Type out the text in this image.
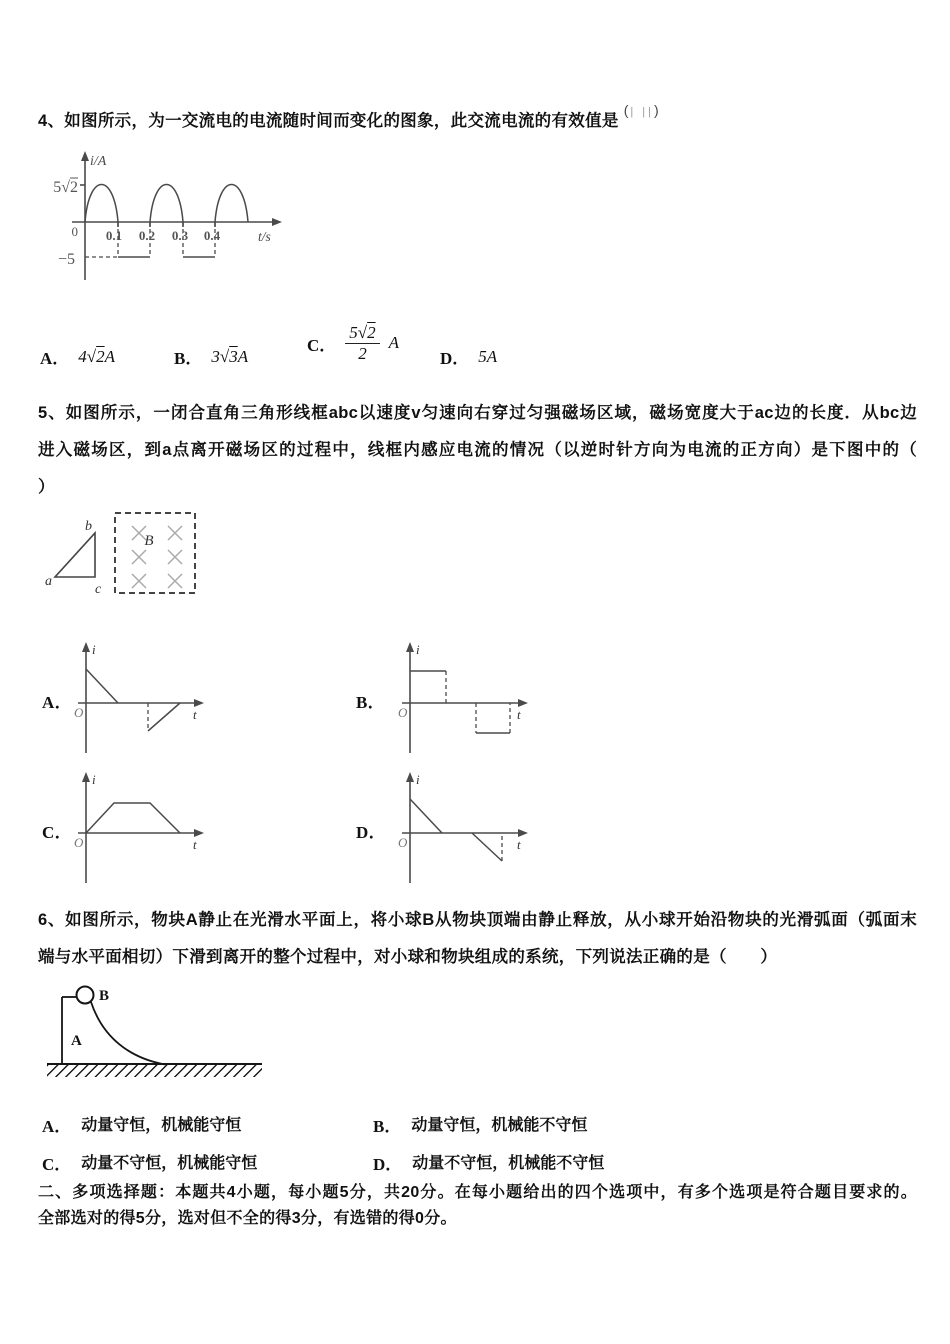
4、如图所示，为一交流电的电流随时间而变化的图象，此交流电流的有效值是(| ||)
i/A
t/s
5√2
0
−5
0.1 0.2 0.3 0.4
A． 4√2A	B． 3√3A
C． $\frac{5√2}{2}$ A
D． 5A
5、如图所示，一闭合直角三角形线框abc以速度v匀速向右穿过匀强磁场区域，磁场宽度大于ac边的长度．从bc边
进入磁场区，到a点离开磁场区的过程中，线框内感应电流的情况（以逆时针方向为电流的正方向）是下图中的（
）
a
b
c
B
A．
i
t
O
B．
i
t
O
C．
i
t
O
D．
i
t
O
6、如图所示，物块A静止在光滑水平面上，将小球B从物块顶端由静止释放，从小球开始沿物块的光滑弧面（弧面末
端与水平面相切）下滑到离开的整个过程中，对小球和物块组成的系统，下列说法正确的是（　　）
B
A
A． 动量守恒，机械能守恒	B． 动量守恒，机械能不守恒
C． 动量不守恒，机械能守恒	D． 动量不守恒，机械能不守恒
二、多项选择题：本题共4小题，每小题5分，共20分。在每小题给出的四个选项中，有多个选项是符合题目要求的。
全部选对的得5分，选对但不全的得3分，有选错的得0分。
